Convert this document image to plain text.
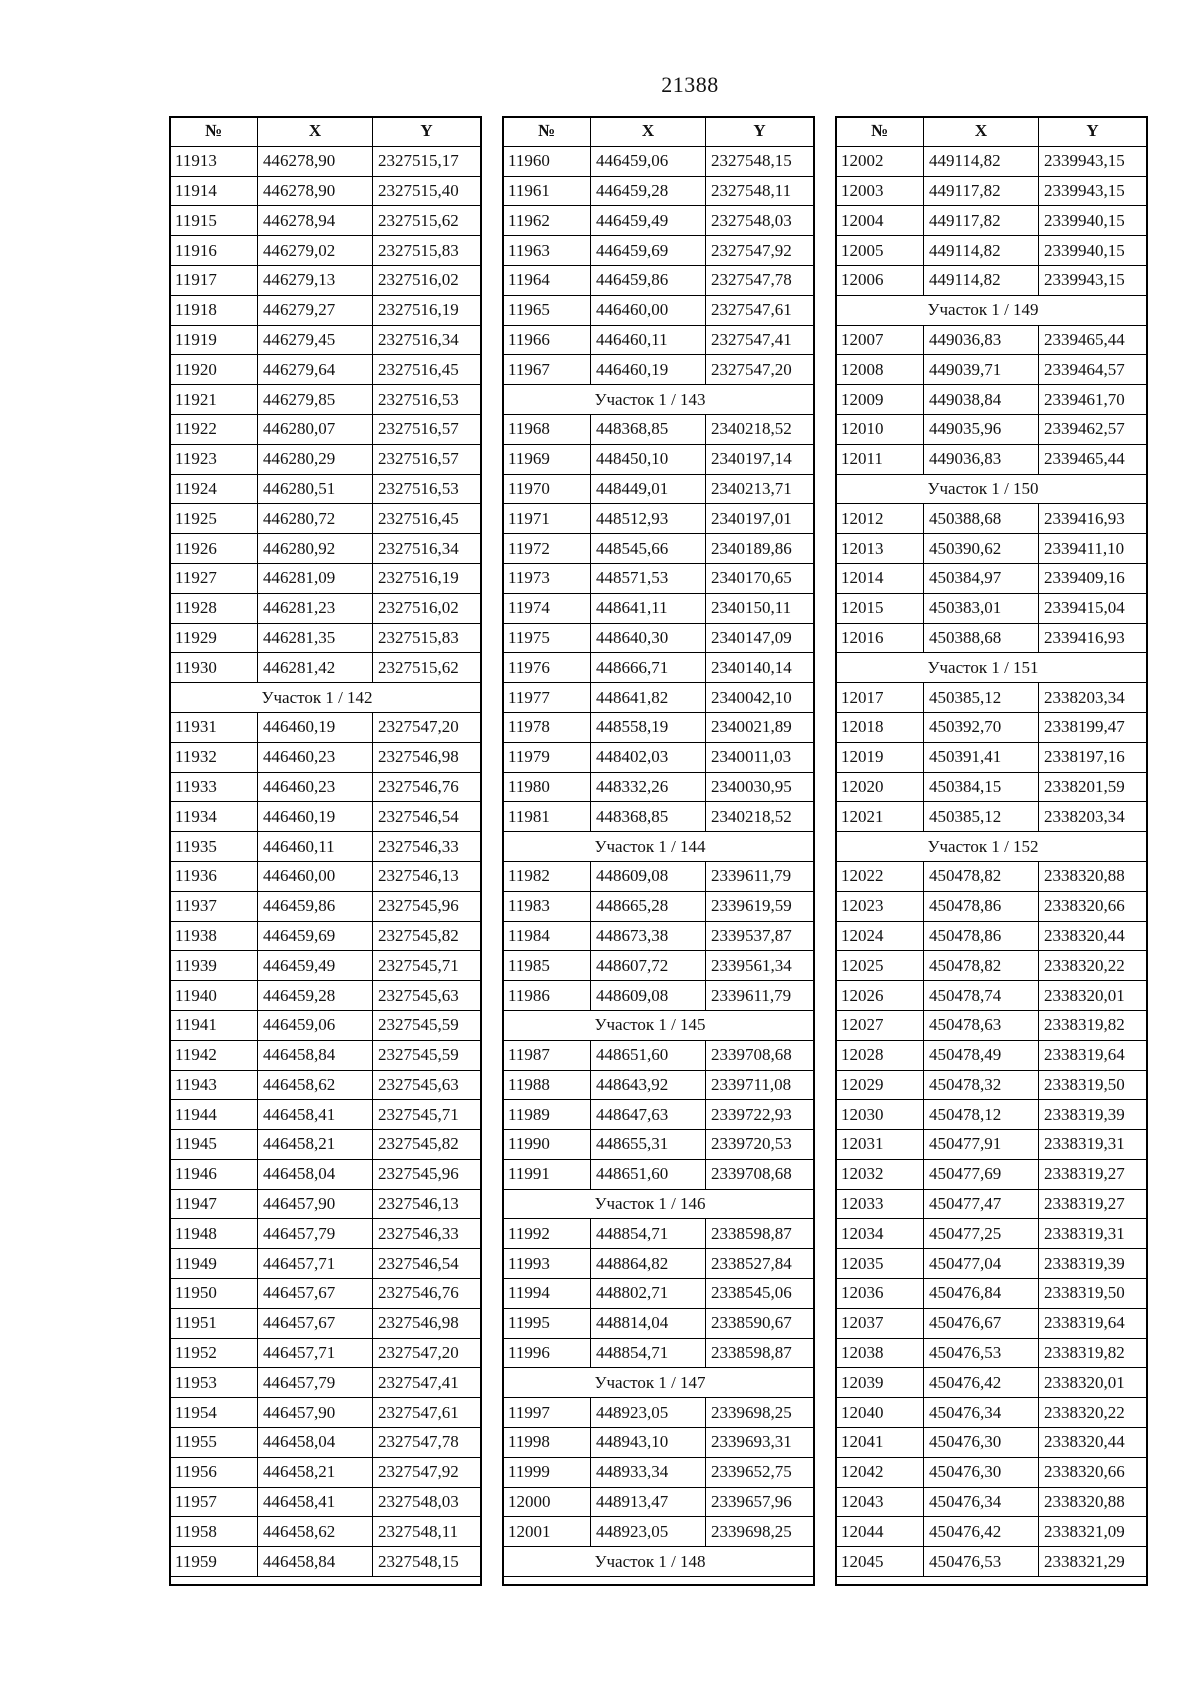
21388
№	X	Y
11913	446278,90	2327515,17
11914	446278,90	2327515,40
11915	446278,94	2327515,62
11916	446279,02	2327515,83
11917	446279,13	2327516,02
11918	446279,27	2327516,19
11919	446279,45	2327516,34
11920	446279,64	2327516,45
11921	446279,85	2327516,53
11922	446280,07	2327516,57
11923	446280,29	2327516,57
11924	446280,51	2327516,53
11925	446280,72	2327516,45
11926	446280,92	2327516,34
11927	446281,09	2327516,19
11928	446281,23	2327516,02
11929	446281,35	2327515,83
11930	446281,42	2327515,62
Участок 1 / 142		
11931	446460,19	2327547,20
11932	446460,23	2327546,98
11933	446460,23	2327546,76
11934	446460,19	2327546,54
11935	446460,11	2327546,33
11936	446460,00	2327546,13
11937	446459,86	2327545,96
11938	446459,69	2327545,82
11939	446459,49	2327545,71
11940	446459,28	2327545,63
11941	446459,06	2327545,59
11942	446458,84	2327545,59
11943	446458,62	2327545,63
11944	446458,41	2327545,71
11945	446458,21	2327545,82
11946	446458,04	2327545,96
11947	446457,90	2327546,13
11948	446457,79	2327546,33
11949	446457,71	2327546,54
11950	446457,67	2327546,76
11951	446457,67	2327546,98
11952	446457,71	2327547,20
11953	446457,79	2327547,41
11954	446457,90	2327547,61
11955	446458,04	2327547,78
11956	446458,21	2327547,92
11957	446458,41	2327548,03
11958	446458,62	2327548,11
11959	446458,84	2327548,15
№	X	Y
11960	446459,06	2327548,15
11961	446459,28	2327548,11
11962	446459,49	2327548,03
11963	446459,69	2327547,92
11964	446459,86	2327547,78
11965	446460,00	2327547,61
11966	446460,11	2327547,41
11967	446460,19	2327547,20
Участок 1 / 143		
11968	448368,85	2340218,52
11969	448450,10	2340197,14
11970	448449,01	2340213,71
11971	448512,93	2340197,01
11972	448545,66	2340189,86
11973	448571,53	2340170,65
11974	448641,11	2340150,11
11975	448640,30	2340147,09
11976	448666,71	2340140,14
11977	448641,82	2340042,10
11978	448558,19	2340021,89
11979	448402,03	2340011,03
11980	448332,26	2340030,95
11981	448368,85	2340218,52
Участок 1 / 144		
11982	448609,08	2339611,79
11983	448665,28	2339619,59
11984	448673,38	2339537,87
11985	448607,72	2339561,34
11986	448609,08	2339611,79
Участок 1 / 145		
11987	448651,60	2339708,68
11988	448643,92	2339711,08
11989	448647,63	2339722,93
11990	448655,31	2339720,53
11991	448651,60	2339708,68
Участок 1 / 146		
11992	448854,71	2338598,87
11993	448864,82	2338527,84
11994	448802,71	2338545,06
11995	448814,04	2338590,67
11996	448854,71	2338598,87
Участок 1 / 147		
11997	448923,05	2339698,25
11998	448943,10	2339693,31
11999	448933,34	2339652,75
12000	448913,47	2339657,96
12001	448923,05	2339698,25
Участок 1 / 148		
№	X	Y
12002	449114,82	2339943,15
12003	449117,82	2339943,15
12004	449117,82	2339940,15
12005	449114,82	2339940,15
12006	449114,82	2339943,15
Участок 1 / 149		
12007	449036,83	2339465,44
12008	449039,71	2339464,57
12009	449038,84	2339461,70
12010	449035,96	2339462,57
12011	449036,83	2339465,44
Участок 1 / 150		
12012	450388,68	2339416,93
12013	450390,62	2339411,10
12014	450384,97	2339409,16
12015	450383,01	2339415,04
12016	450388,68	2339416,93
Участок 1 / 151		
12017	450385,12	2338203,34
12018	450392,70	2338199,47
12019	450391,41	2338197,16
12020	450384,15	2338201,59
12021	450385,12	2338203,34
Участок 1 / 152		
12022	450478,82	2338320,88
12023	450478,86	2338320,66
12024	450478,86	2338320,44
12025	450478,82	2338320,22
12026	450478,74	2338320,01
12027	450478,63	2338319,82
12028	450478,49	2338319,64
12029	450478,32	2338319,50
12030	450478,12	2338319,39
12031	450477,91	2338319,31
12032	450477,69	2338319,27
12033	450477,47	2338319,27
12034	450477,25	2338319,31
12035	450477,04	2338319,39
12036	450476,84	2338319,50
12037	450476,67	2338319,64
12038	450476,53	2338319,82
12039	450476,42	2338320,01
12040	450476,34	2338320,22
12041	450476,30	2338320,44
12042	450476,30	2338320,66
12043	450476,34	2338320,88
12044	450476,42	2338321,09
12045	450476,53	2338321,29
